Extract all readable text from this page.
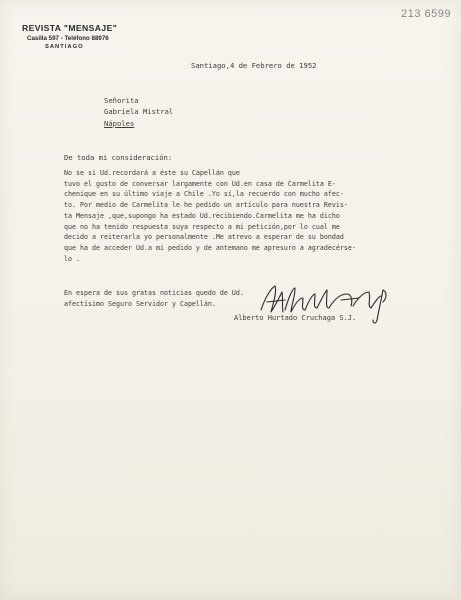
REVISTA "MENSAJE"
Casilla 597 - Teléfono 88976
SANTIAGO
213 6599
Santiago,4 de Febrero de 1952
Señorita
Gabriela Mistral
Nápoles
De toda mi consideración:
No se si Ud.recordará a éste su Capellán que
tuvo el gusto de conversar largamente con Ud.en casa de Carmelita E-
chenique en su último viaje a Chile .Yo sí,la recuerdo con mucho afec-
to. Por medio de Carmelita le he pedido un artículo para nuestra Revis-
ta Mensaje ,que,supongo ha estado Ud.recibiendo.Carmelita me ha dicho
que no ha tenido respuesta suya respecto a mi petición,por lo cual me
decido a reiterarla yo personalmente .Me atrevo a esperar de su bondad
que ha de acceder Ud.a mi pedido y de antemano me apresuro a agradecérse-
lo .
En espera de sus gratas noticias quedo de Ud.
afectísimo Seguro Servidor y Capellán.
Alberto Hurtado Cruchaga S.J.
